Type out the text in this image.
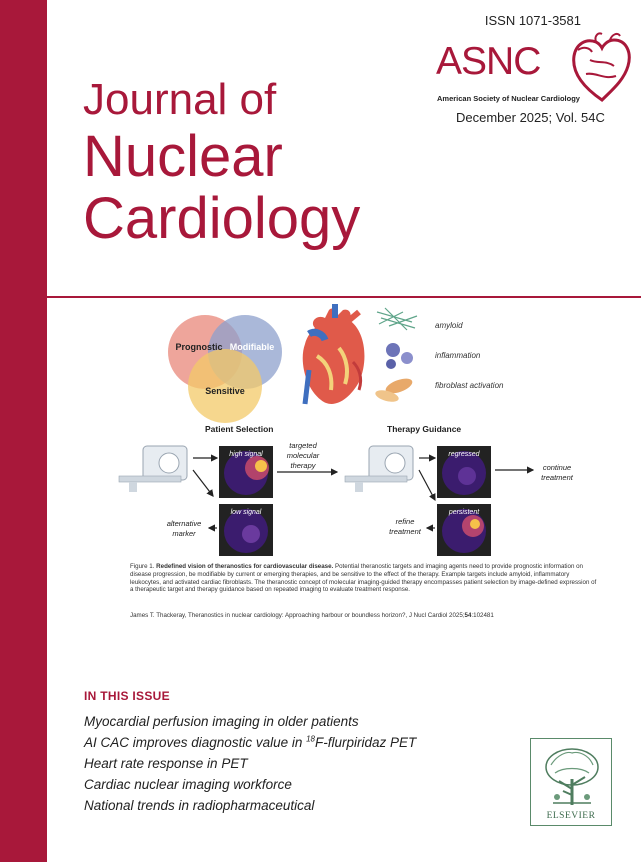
ISSN 1071-3581
ASNC
American Society of Nuclear Cardiology
December 2025; Vol. 54C
Journal of
Nuclear
Cardiology
Prognostic Modifiable
Sensitive
amyloid
inflammation
fibroblast activation
Patient Selection
high signal
low signal
targeted
molecular
therapy
alternative
marker
Therapy Guidance
regressed
persistent
continue
treatment
refine
treatment
Figure 1. Redefined vision of theranostics for cardiovascular disease. Potential theranostic targets and imaging agents need to provide prognostic information on disease progression, be modifiable by current or emerging therapies, and be sensitive to the effect of the therapy. Example targets include amyloid, inflammatory leukocytes, and activated cardiac fibroblasts. The theranostic concept of molecular imaging-guided therapy encompasses patient selection by image-defined expression of a therapeutic target and therapy guidance based on repeated imaging to evaluate treatment response.
James T. Thackeray, Theranostics in nuclear cardiology: Approaching harbour or boundless horizon?, J Nucl Cardiol 2025;54:102481
IN THIS ISSUE
Myocardial perfusion imaging in older patients
AI CAC improves diagnostic value in $^{18}$F-flurpiridaz PET
Heart rate response in PET
Cardiac nuclear imaging workforce
National trends in radiopharmaceutical
ELSEVIER
